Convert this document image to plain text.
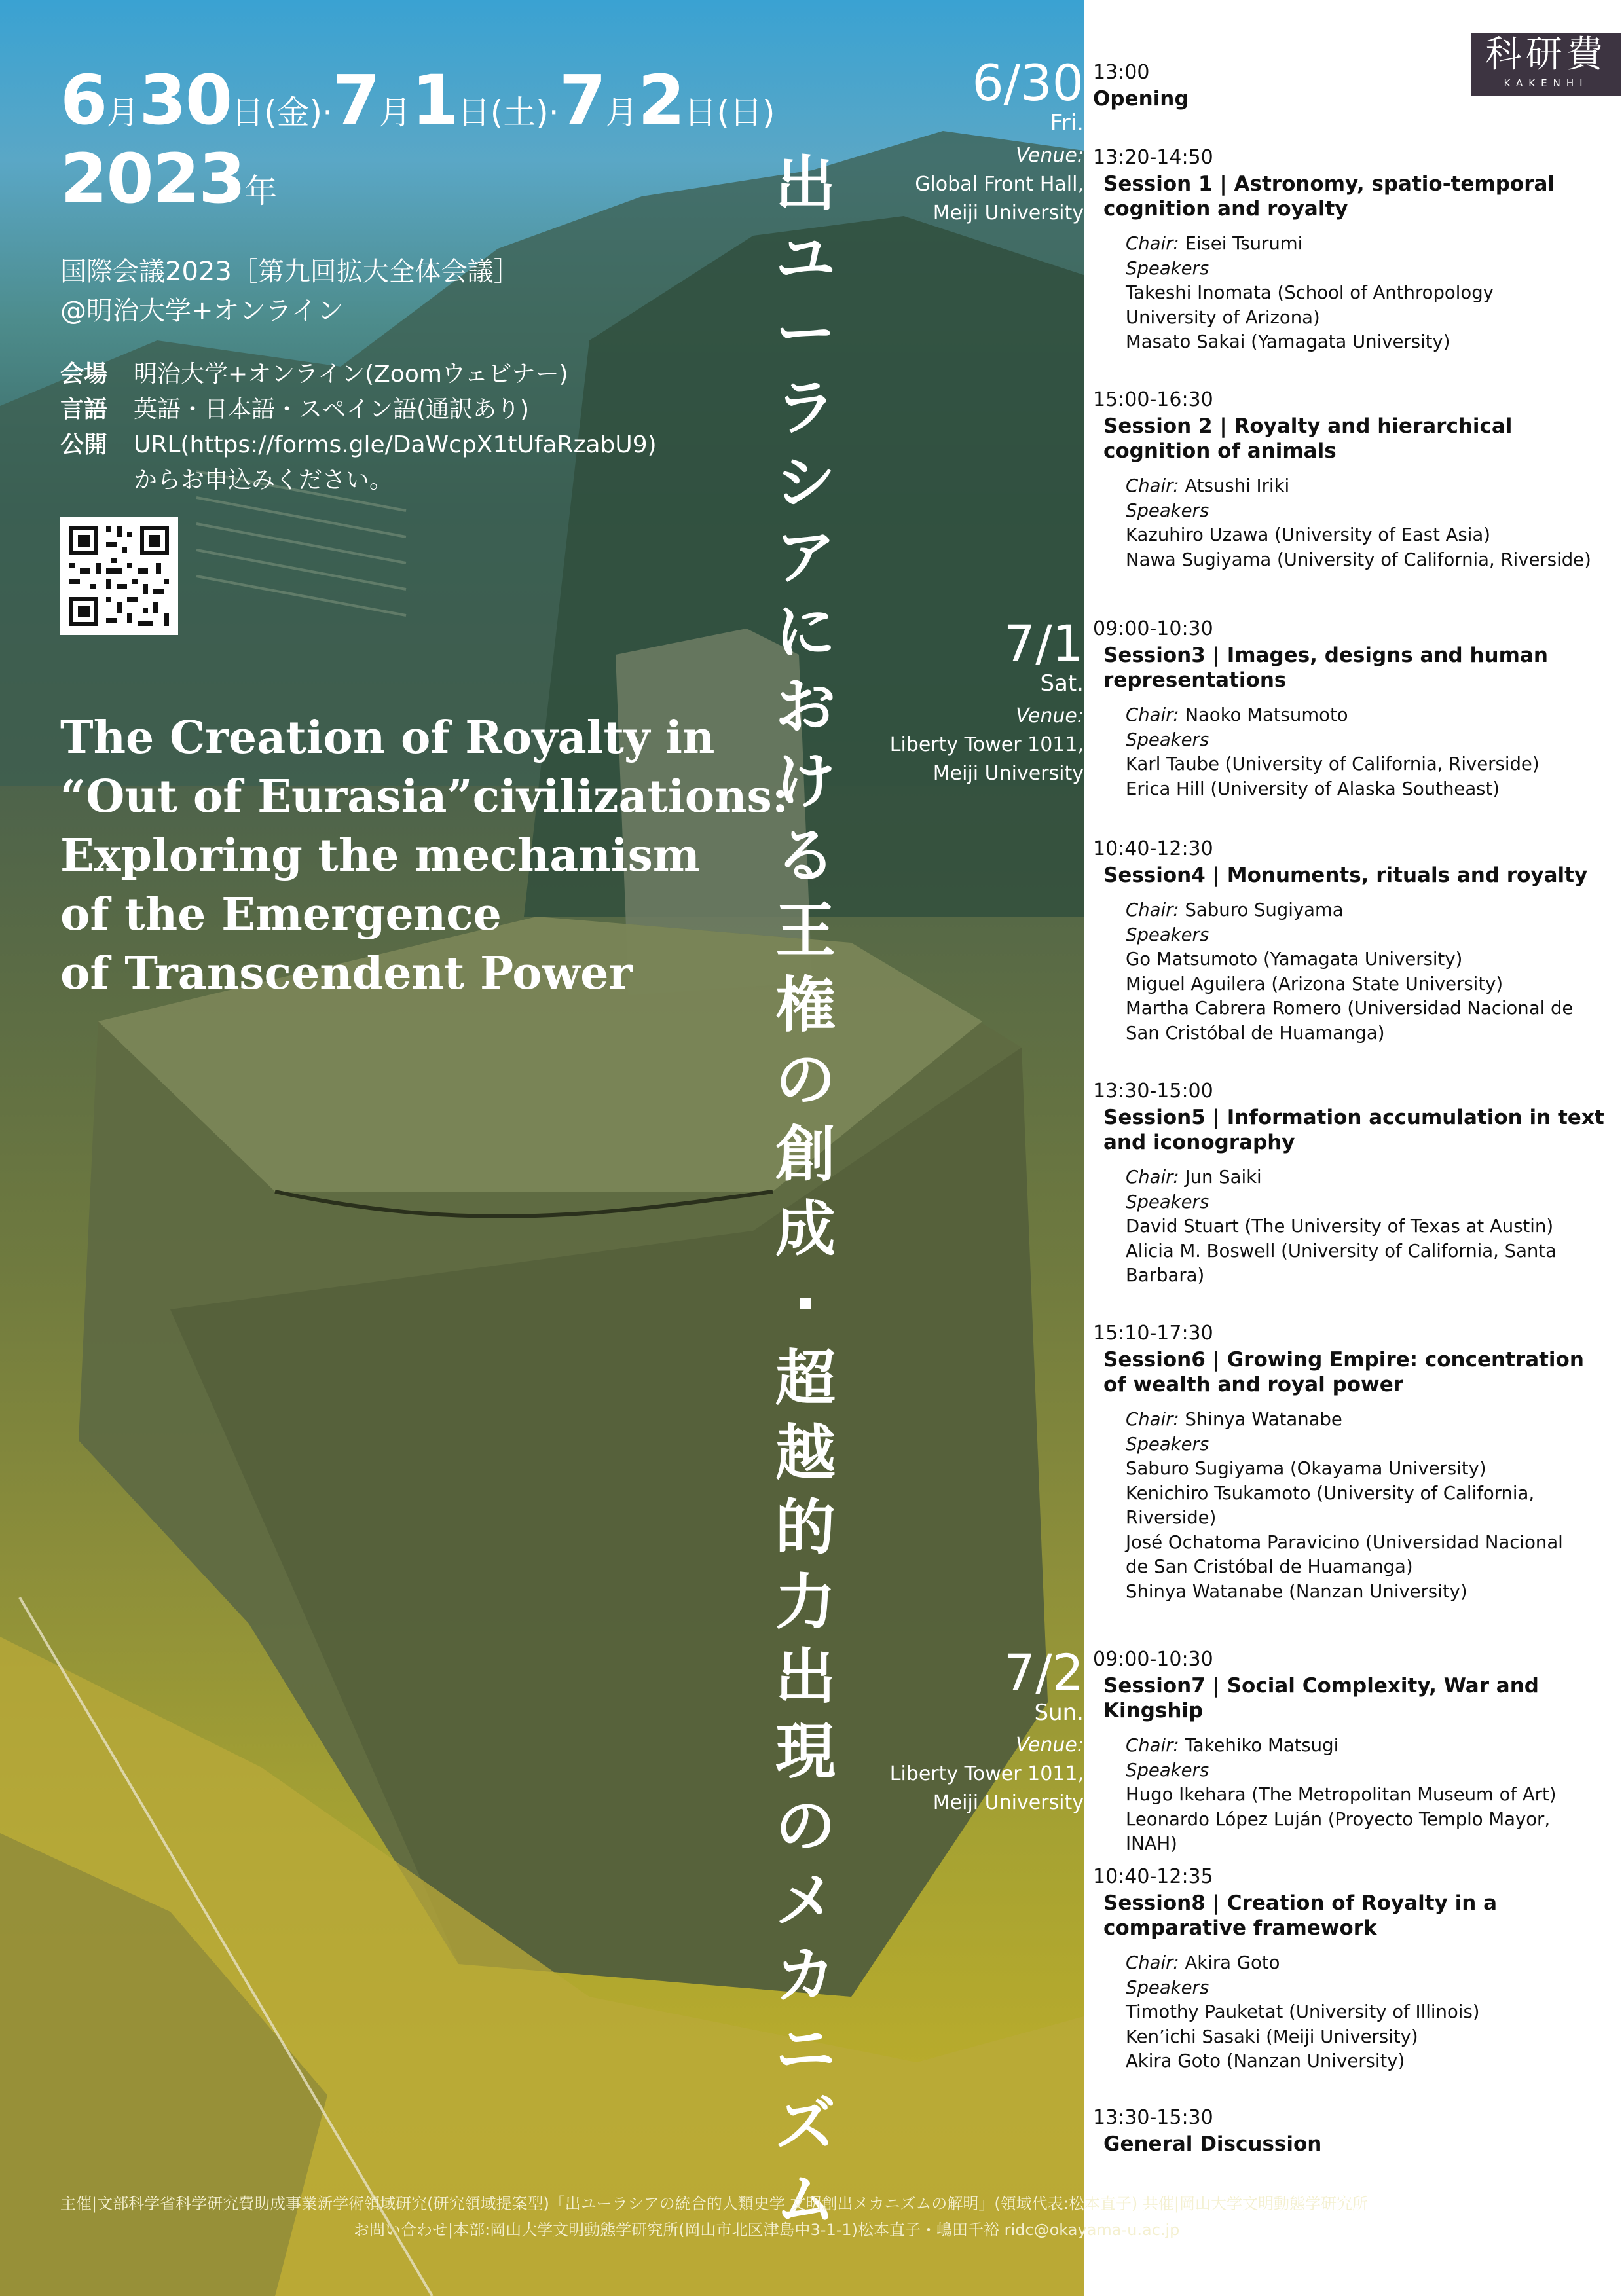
6月30日(金)·7月1日(土)·7月2日(日)
2023年
国際会議2023［第九回拡大全体会議］
@明治大学+オンライン
会場	明治大学+オンライン(Zoomウェビナー)
言語	英語・日本語・スペイン語(通訳あり)
公開	URL(https://forms.gle/DaWcpX1tUfaRzabU9)
からお申込みください。
The Creation of Royalty in
“Out of Eurasia”civilizations:
Exploring the mechanism
of the Emergence
of Transcendent Power
出
ユ
ー
ラ
シ
ア
に
お
け
る
王
権
の
創
成
·
超
越
的
力
出
現
の
メ
カ
ニ
ズ
ム
6/30
Fri.
Venue:
Global Front Hall,
Meiji University
7/1
Sat.
Venue:
Liberty Tower 1011,
Meiji University
7/2
Sun.
Venue:
Liberty Tower 1011,
Meiji University
13:00
Opening
13:20-14:50
Session 1 | Astronomy, spatio-temporal cognition and royalty
Chair: Eisei Tsurumi
Speakers
Takeshi Inomata (School of Anthropology
University of Arizona)
Masato Sakai (Yamagata University)
15:00-16:30
Session 2 | Royalty and hierarchical cognition of animals
Chair: Atsushi Iriki
Speakers
Kazuhiro Uzawa (University of East Asia)
Nawa Sugiyama (University of California, Riverside)
09:00-10:30
Session3 | Images, designs and human representations
Chair: Naoko Matsumoto
Speakers
Karl Taube (University of California, Riverside)
Erica Hill (University of Alaska Southeast)
10:40-12:30
Session4 | Monuments, rituals and royalty
Chair: Saburo Sugiyama
Speakers
Go Matsumoto (Yamagata University)
Miguel Aguilera (Arizona State University)
Martha Cabrera Romero (Universidad Nacional de
San Cristóbal de Huamanga)
13:30-15:00
Session5 | Information accumulation in text and iconography
Chair: Jun Saiki
Speakers
David Stuart (The University of Texas at Austin)
Alicia M. Boswell (University of California, Santa
Barbara)
15:10-17:30
Session6 | Growing Empire: concentration of wealth and royal power
Chair: Shinya Watanabe
Speakers
Saburo Sugiyama (Okayama University)
Kenichiro Tsukamoto (University of California,
Riverside)
José Ochatoma Paravicino (Universidad Nacional
de San Cristóbal de Huamanga)
Shinya Watanabe (Nanzan University)
09:00-10:30
Session7 | Social Complexity, War and Kingship
Chair: Takehiko Matsugi
Speakers
Hugo Ikehara (The Metropolitan Museum of Art)
Leonardo López Luján (Proyecto Templo Mayor,
INAH)
10:40-12:35
Session8 | Creation of Royalty in a comparative framework
Chair: Akira Goto
Speakers
Timothy Pauketat (University of Illinois)
Ken’ichi Sasaki (Meiji University)
Akira Goto (Nanzan University)
13:30-15:30
General Discussion
科研費
KAKENHI
主催|文部科学省科学研究費助成事業新学術領域研究(研究領域提案型)「出ユーラシアの統合的人類史学 文明創出メカニズムの解明」(領域代表:松本直子) 共催|岡山大学文明動態学研究所
お問い合わせ|本部:岡山大学文明動態学研究所(岡山市北区津島中3-1-1)松本直子・嶋田千裕 ridc@okayama-u.ac.jp
